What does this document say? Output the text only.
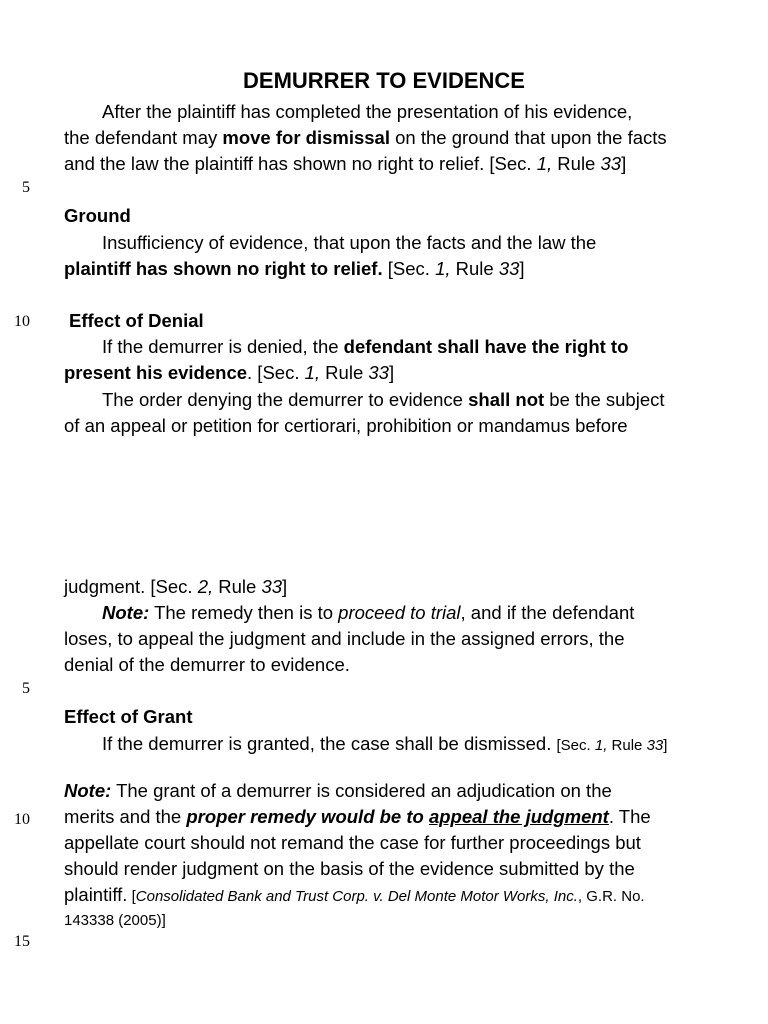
DEMURRER TO EVIDENCE
5
10
5
10
15
After the plaintiff has completed the presentation of his evidence,
the defendant may move for dismissal on the ground that upon the facts
and the law the plaintiff has shown no right to relief. [Sec. 1, Rule 33]
Ground
Insufficiency of evidence, that upon the facts and the law the
plaintiff has shown no right to relief. [Sec. 1, Rule 33]
Effect of Denial
If the demurrer is denied, the defendant shall have the right to
present his evidence. [Sec. 1, Rule 33]
The order denying the demurrer to evidence shall not be the subject
of an appeal or petition for certiorari, prohibition or mandamus before
judgment. [Sec. 2, Rule 33]
Note: The remedy then is to proceed to trial, and if the defendant
loses, to appeal the judgment and include in the assigned errors, the
denial of the demurrer to evidence.
Effect of Grant
If the demurrer is granted, the case shall be dismissed. [Sec. 1, Rule 33]
Note: The grant of a demurrer is considered an adjudication on the
merits and the proper remedy would be to appeal the judgment. The
appellate court should not remand the case for further proceedings but
should render judgment on the basis of the evidence submitted by the
plaintiff. [Consolidated Bank and Trust Corp. v. Del Monte Motor Works, Inc., G.R. No.
143338 (2005)]
